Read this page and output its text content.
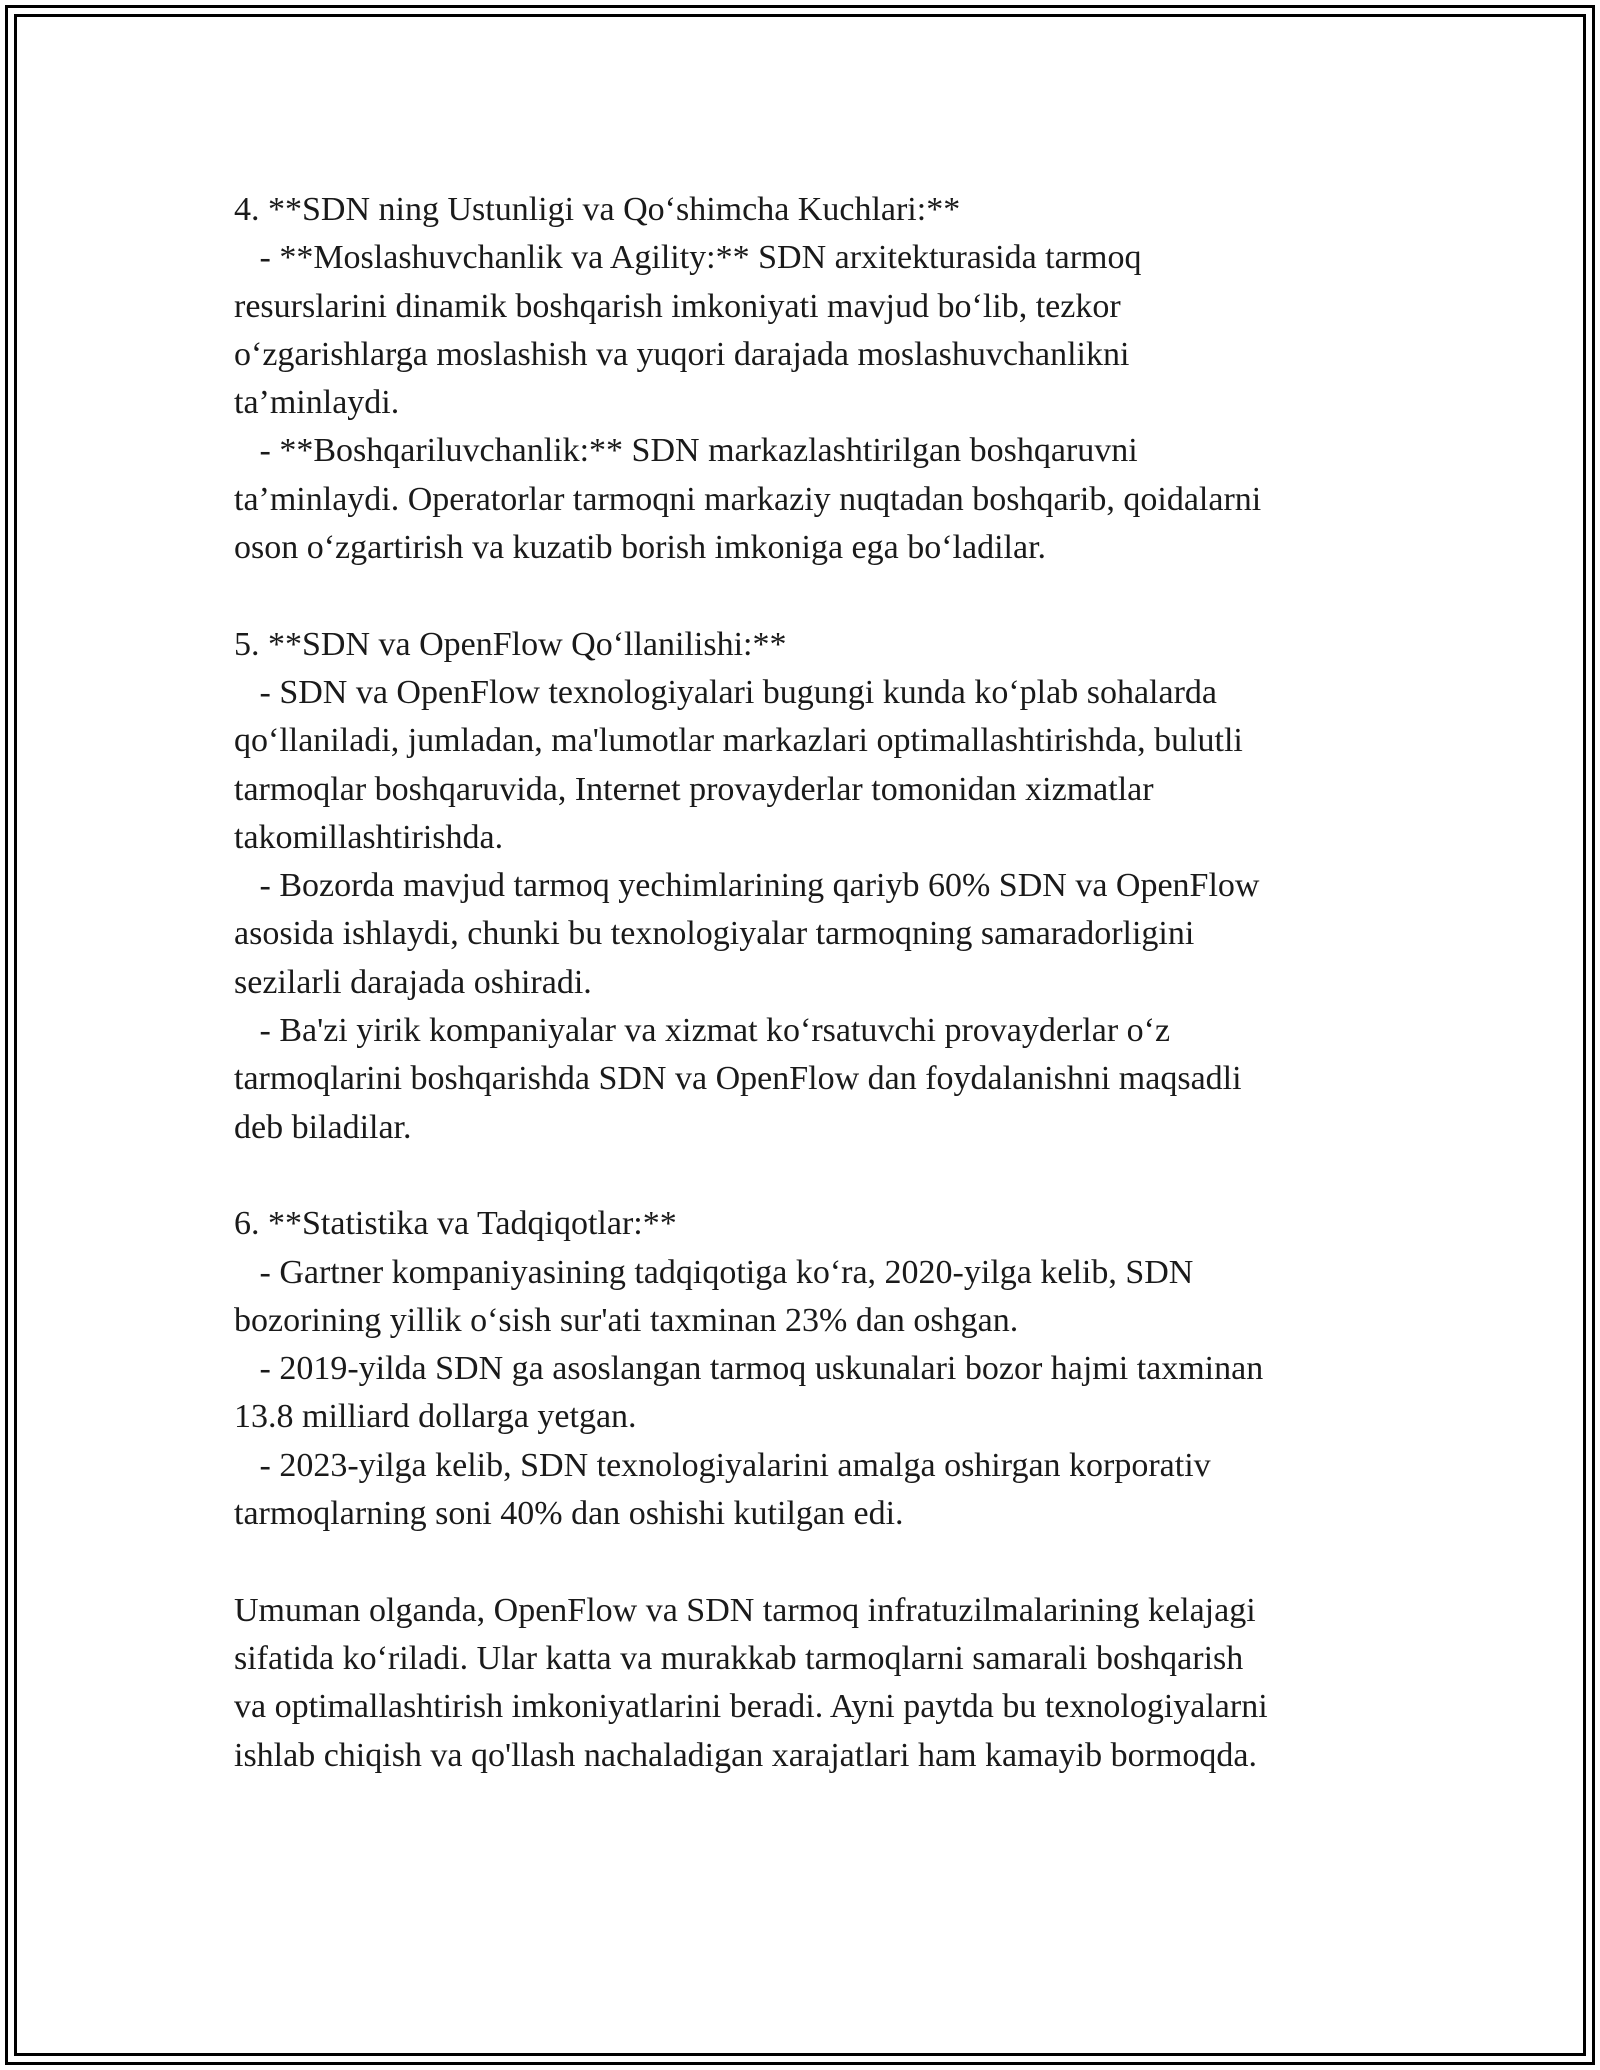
4. **SDN ning Ustunligi va Qo‘shimcha Kuchlari:**
- **Moslashuvchanlik va Agility:** SDN arxitekturasida tarmoq
resurslarini dinamik boshqarish imkoniyati mavjud bo‘lib, tezkor
o‘zgarishlarga moslashish va yuqori darajada moslashuvchanlikni
ta’minlaydi.
- **Boshqariluvchanlik:** SDN markazlashtirilgan boshqaruvni
ta’minlaydi. Operatorlar tarmoqni markaziy nuqtadan boshqarib, qoidalarni
oson o‘zgartirish va kuzatib borish imkoniga ega bo‘ladilar.
5. **SDN va OpenFlow Qo‘llanilishi:**
- SDN va OpenFlow texnologiyalari bugungi kunda ko‘plab sohalarda
qo‘llaniladi, jumladan, ma'lumotlar markazlari optimallashtirishda, bulutli
tarmoqlar boshqaruvida, Internet provayderlar tomonidan xizmatlar
takomillashtirishda.
- Bozorda mavjud tarmoq yechimlarining qariyb 60% SDN va OpenFlow
asosida ishlaydi, chunki bu texnologiyalar tarmoqning samaradorligini
sezilarli darajada oshiradi.
- Ba'zi yirik kompaniyalar va xizmat ko‘rsatuvchi provayderlar o‘z
tarmoqlarini boshqarishda SDN va OpenFlow dan foydalanishni maqsadli
deb biladilar.
6. **Statistika va Tadqiqotlar:**
- Gartner kompaniyasining tadqiqotiga ko‘ra, 2020-yilga kelib, SDN
bozorining yillik o‘sish sur'ati taxminan 23% dan oshgan.
- 2019-yilda SDN ga asoslangan tarmoq uskunalari bozor hajmi taxminan
13.8 milliard dollarga yetgan.
- 2023-yilga kelib, SDN texnologiyalarini amalga oshirgan korporativ
tarmoqlarning soni 40% dan oshishi kutilgan edi.
Umuman olganda, OpenFlow va SDN tarmoq infratuzilmalarining kelajagi
sifatida ko‘riladi. Ular katta va murakkab tarmoqlarni samarali boshqarish
va optimallashtirish imkoniyatlarini beradi. Ayni paytda bu texnologiyalarni
ishlab chiqish va qo'llash nachaladigan xarajatlari ham kamayib bormoqda.
